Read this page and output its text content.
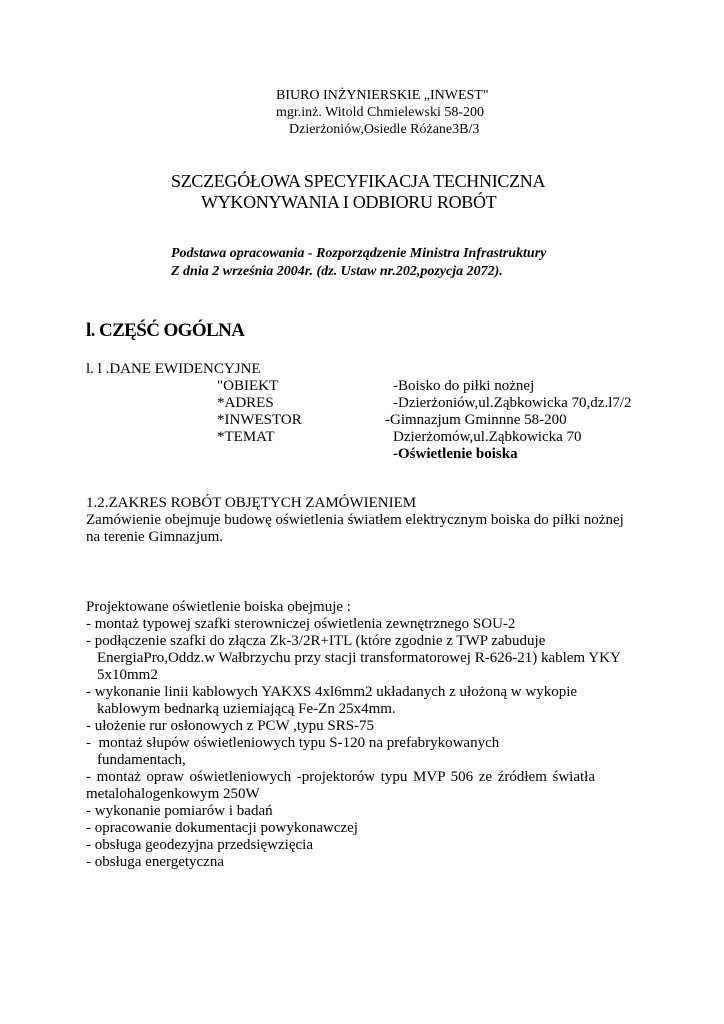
BIURO INŻYNIERSKIE „INWEST"
mgr.inż. Witold Chmielewski 58-200
Dzierżoniów,Osiedle Różane3B/3
SZCZEGÓŁOWA SPECYFIKACJA TECHNICZNA
WYKONYWANIA I ODBIORU ROBÓT
Podstawa opracowania - Rozporządzenie Ministra Infrastruktury
Z dnia 2 września 2004r. (dz. Ustaw nr.202,pozycja 2072).
l. CZĘŚĆ OGÓLNA
l. l .DANE EWIDENCYJNE
"OBIEKT	-Boisko do piłki nożnej
*ADRES	-Dzierżoniów,ul.Ząbkowicka 70,dz.l7/2
*INWESTOR	-Gimnazjum Gminnne 58-200
*TEMAT	Dzierżomów,ul.Ząbkowicka 70
-Oświetlenie boiska
1.2.ZAKRES ROBÓT OBJĘTYCH ZAMÓWIENIEM
Zamówienie obejmuje budowę oświetlenia światłem elektrycznym boiska do piłki nożnej
na terenie Gimnazjum.
Projektowane oświetlenie boiska obejmuje :
- montaż typowej szafki sterowniczej oświetlenia zewnętrznego SOU-2
- podłączenie szafki do złącza Zk-3/2R+ITL (które zgodnie z TWP zabuduje
EnergiaPro,Oddz.w Wałbrzychu przy stacji transformatorowej R-626-21) kablem YKY
5x10mm2
- wykonanie linii kablowych YAKXS 4xl6mm2 układanych z ułożoną w wykopie
kablowym bednarką uziemiającą Fe-Zn 25x4mm.
- ułożenie rur osłonowych z PCW ,typu SRS-75
-  montaż słupów oświetleniowych typu S-120 na prefabrykowanych
fundamentach,
- montaż opraw oświetleniowych -projektorów typu MVP 506 ze źródłem światła
metalohalogenkowym 250W
- wykonanie pomiarów i badań
- opracowanie dokumentacji powykonawczej
- obsługa geodezyjna przedsięwzięcia
- obsługa energetyczna
